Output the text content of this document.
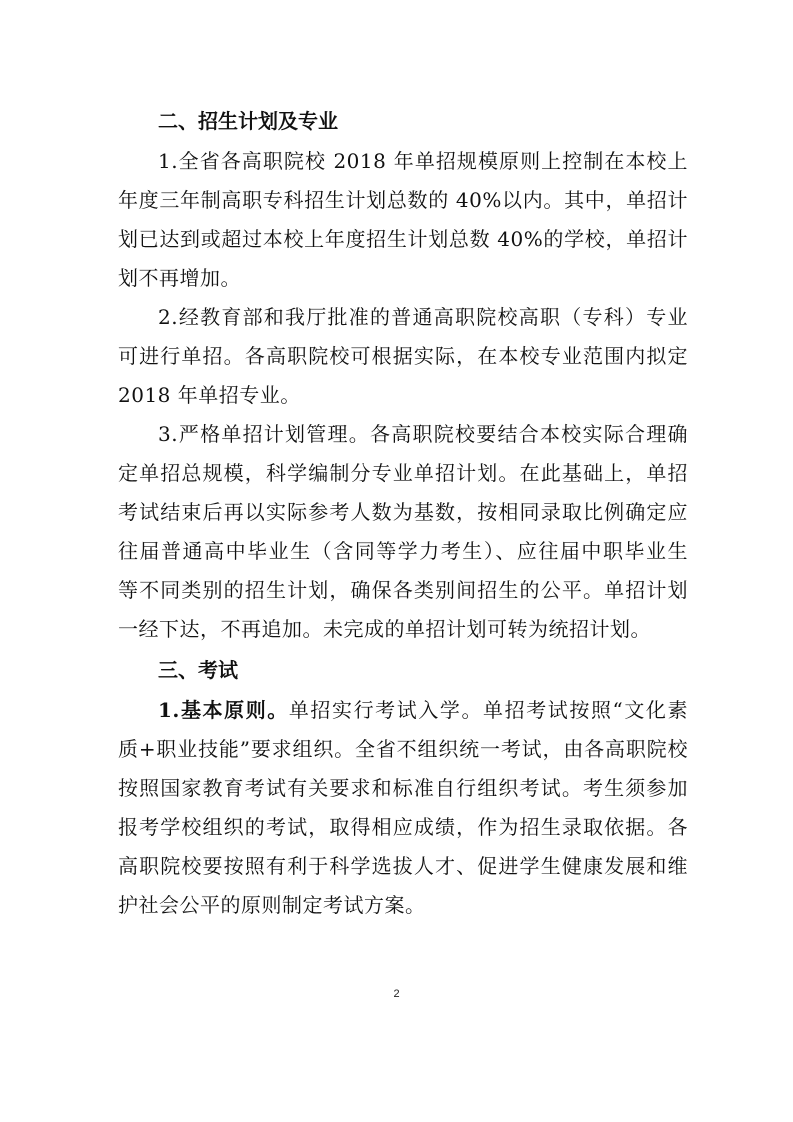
二、招生计划及专业
1.全省各高职院校 2018 年单招规模原则上控制在本校上
年度三年制高职专科招生计划总数的 40%以内。其中，单招计
划已达到或超过本校上年度招生计划总数 40%的学校，单招计
划不再增加。
2.经教育部和我厅批准的普通高职院校高职（专科）专业
可进行单招。各高职院校可根据实际，在本校专业范围内拟定
2018 年单招专业。
3.严格单招计划管理。各高职院校要结合本校实际合理确
定单招总规模，科学编制分专业单招计划。在此基础上，单招
考试结束后再以实际参考人数为基数，按相同录取比例确定应
往届普通高中毕业生（含同等学力考生）、应往届中职毕业生
等不同类别的招生计划，确保各类别间招生的公平。单招计划
一经下达，不再追加。未完成的单招计划可转为统招计划。
三、考试
1.基本原则。单招实行考试入学。单招考试按照“文化素
质+职业技能”要求组织。全省不组织统一考试，由各高职院校
按照国家教育考试有关要求和标准自行组织考试。考生须参加
报考学校组织的考试，取得相应成绩，作为招生录取依据。各
高职院校要按照有利于科学选拔人才、促进学生健康发展和维
护社会公平的原则制定考试方案。
2
